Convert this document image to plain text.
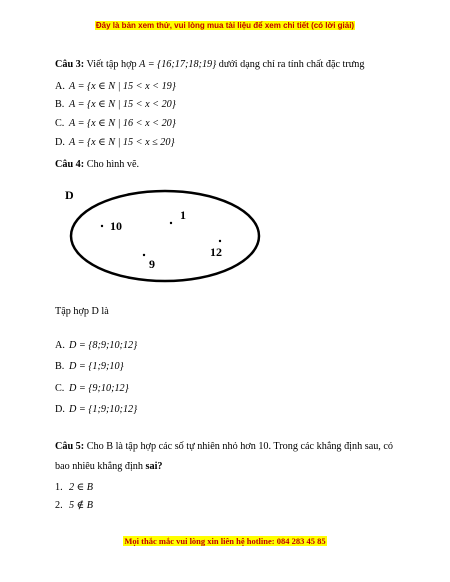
Đây là bản xem thử, vui lòng mua tài liệu để xem chi tiết (có lời giải)
Câu 3: Viết tập hợp A = {16;17;18;19} dưới dạng chỉ ra tính chất đặc trưng
A. A = {x ∈ N | 15 < x < 19}
B. A = {x ∈ N | 15 < x < 20}
C. A = {x ∈ N | 16 < x < 20}
D. A = {x ∈ N | 15 < x ≤ 20}
Câu 4: Cho hình vẽ.
D
10
1
12
9
Tập hợp D là
A. D = {8;9;10;12}
B. D = {1;9;10}
C. D = {9;10;12}
D. D = {1;9;10;12}
Câu 5: Cho B là tập hợp các số tự nhiên nhỏ hơn 10. Trong các khẳng định sau, có
bao nhiêu khẳng định sai?
1. 2 ∈ B
2. 5 ∉ B
Mọi thắc mắc vui lòng xin liên hệ hotline: 084 283 45 85
